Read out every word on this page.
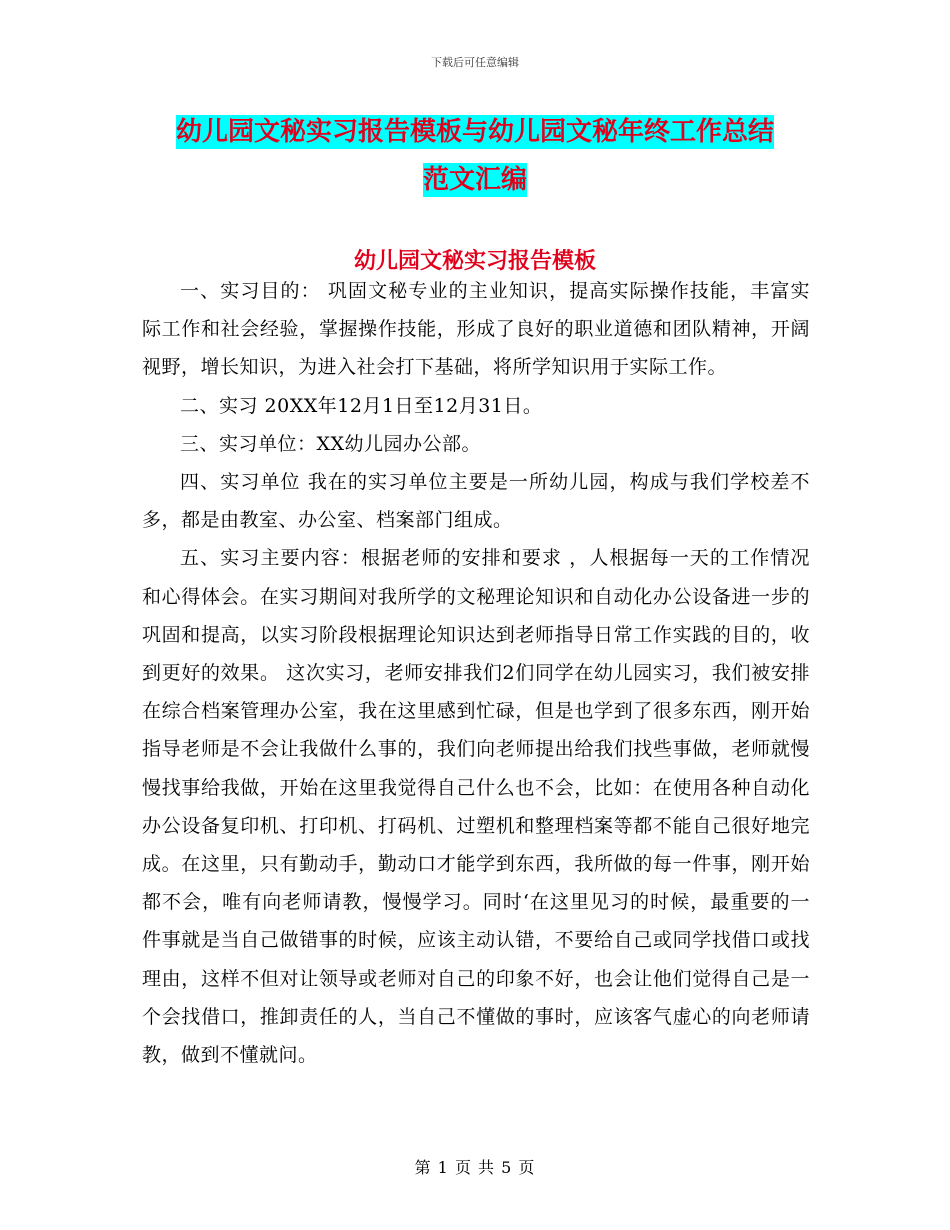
下载后可任意编辑
幼儿园文秘实习报告模板与幼儿园文秘年终工作总结
范文汇编
幼儿园文秘实习报告模板

一、实习目的： 巩固文秘专业的主业知识，提高实际操作技能，丰富实际工作和社会经验，掌握操作技能，形成了良好的职业道德和团队精神，开阔视野，增长知识，为进入社会打下基础，将所学知识用于实际工作。

二、实习 20XX年12月1日至12月31日。

三、实习单位：XX幼儿园办公部。

四、实习单位 我在的实习单位主要是一所幼儿园，构成与我们学校差不多，都是由教室、办公室、档案部门组成。

五、实习主要内容：根据老师的安排和要求 ，人根据每一天的工作情况和心得体会。在实习期间对我所学的文秘理论知识和自动化办公设备进一步的巩固和提高，以实习阶段根据理论知识达到老师指导日常工作实践的目的，收到更好的效果。 这次实习，老师安排我们2们同学在幼儿园实习，我们被安排在综合档案管理办公室，我在这里感到忙碌，但是也学到了很多东西，刚开始指导老师是不会让我做什么事的，我们向老师提出给我们找些事做，老师就慢慢找事给我做，开始在这里我觉得自己什么也不会，比如：在使用各种自动化办公设备复印机、打印机、打码机、过塑机和整理档案等都不能自己很好地完成。在这里，只有勤动手，勤动口才能学到东西，我所做的每一件事，刚开始都不会，唯有向老师请教，慢慢学习。同时‘在这里见习的时候，最重要的一件事就是当自己做错事的时候，应该主动认错，不要给自己或同学找借口或找理由，这样不但对让领导或老师对自己的印象不好，也会让他们觉得自己是一个会找借口，推卸责任的人，当自己不懂做的事时，应该客气虚心的向老师请教，做到不懂就问。

第 1 页 共 5 页
